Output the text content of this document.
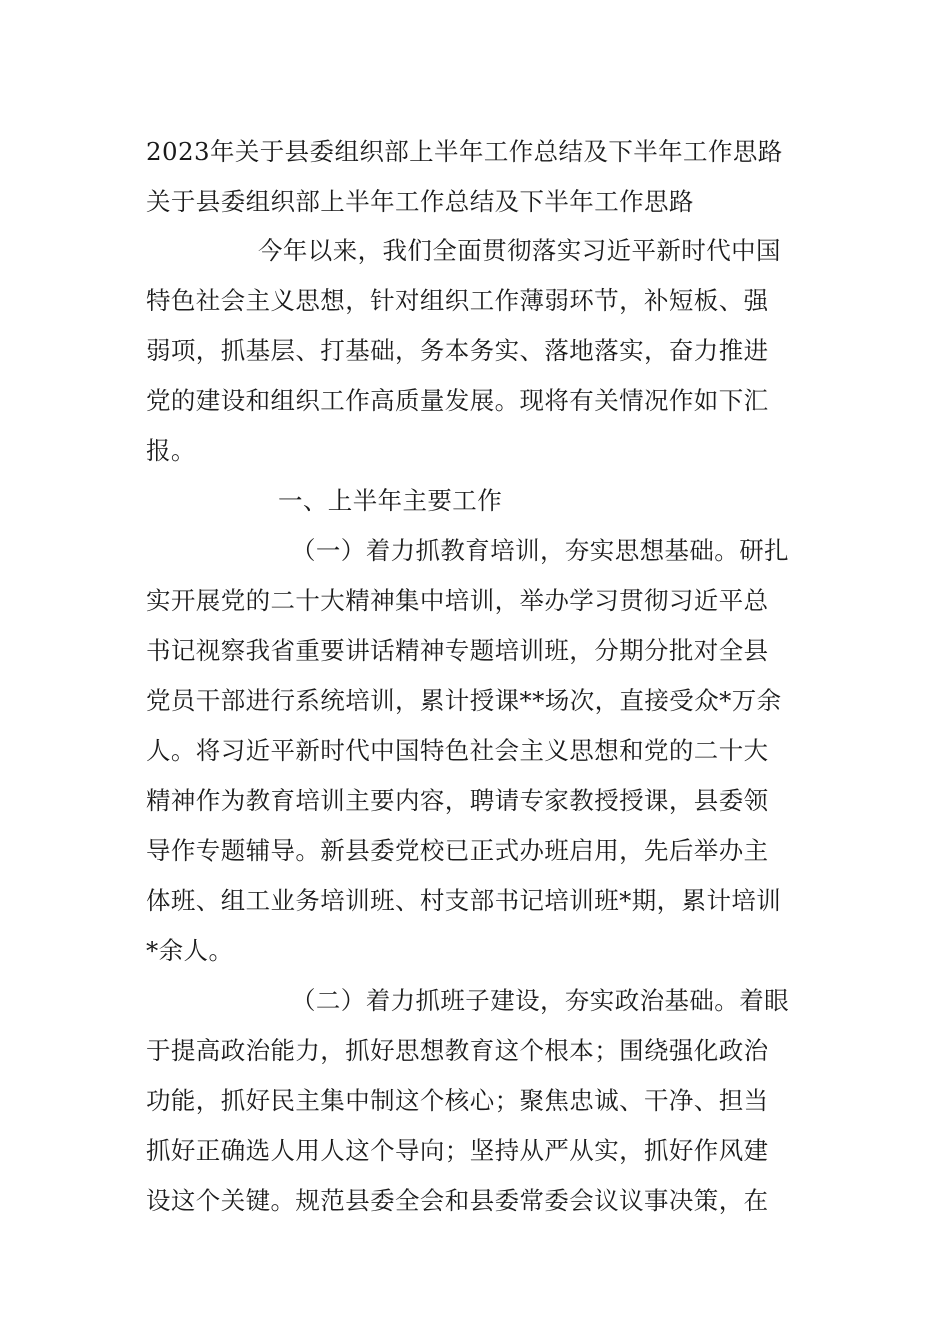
2023年关于县委组织部上半年工作总结及下半年工作思路
关于县委组织部上半年工作总结及下半年工作思路
今年以来，我们全面贯彻落实习近平新时代中国
特色社会主义思想，针对组织工作薄弱环节，补短板、强
弱项，抓基层、打基础，务本务实、落地落实，奋力推进
党的建设和组织工作高质量发展。现将有关情况作如下汇
报。
一、上半年主要工作
（一）着力抓教育培训，夯实思想基础。研扎
实开展党的二十大精神集中培训，举办学习贯彻习近平总
书记视察我省重要讲话精神专题培训班，分期分批对全县
党员干部进行系统培训，累计授课**场次，直接受众*万余
人。将习近平新时代中国特色社会主义思想和党的二十大
精神作为教育培训主要内容，聘请专家教授授课，县委领
导作专题辅导。新县委党校已正式办班启用，先后举办主
体班、组工业务培训班、村支部书记培训班*期，累计培训
*余人。
（二）着力抓班子建设，夯实政治基础。着眼
于提高政治能力，抓好思想教育这个根本；围绕强化政治
功能，抓好民主集中制这个核心；聚焦忠诚、干净、担当
抓好正确选人用人这个导向；坚持从严从实，抓好作风建
设这个关键。规范县委全会和县委常委会议议事决策，在
